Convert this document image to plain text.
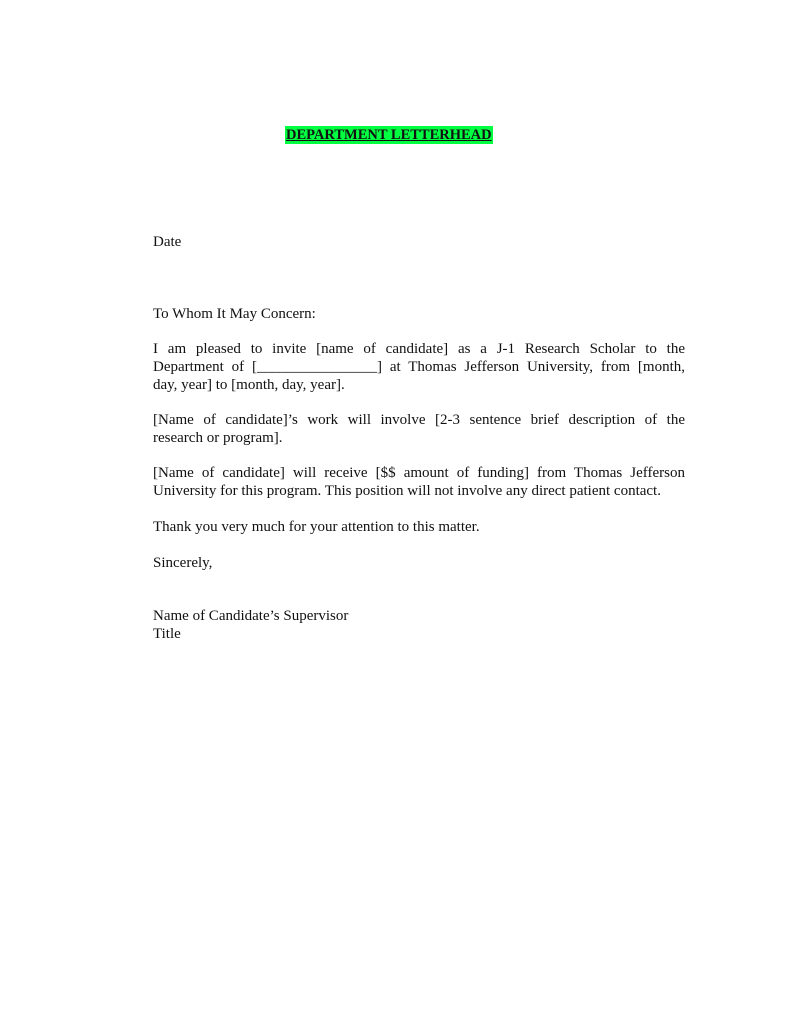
DEPARTMENT LETTERHEAD

Date

To Whom It May Concern:

I am pleased to invite [name of candidate] as a J-1 Research Scholar to the
Department of [________________] at Thomas Jefferson University, from [month,
day, year] to [month, day, year].
[Name of candidate]’s work will involve [2-3 sentence brief description of the
research or program].
[Name of candidate] will receive [$$ amount of funding] from Thomas Jefferson
University for this program. This position will not involve any direct patient contact.

Thank you very much for your attention to this matter.

Sincerely,

Name of Candidate’s Supervisor
Title
